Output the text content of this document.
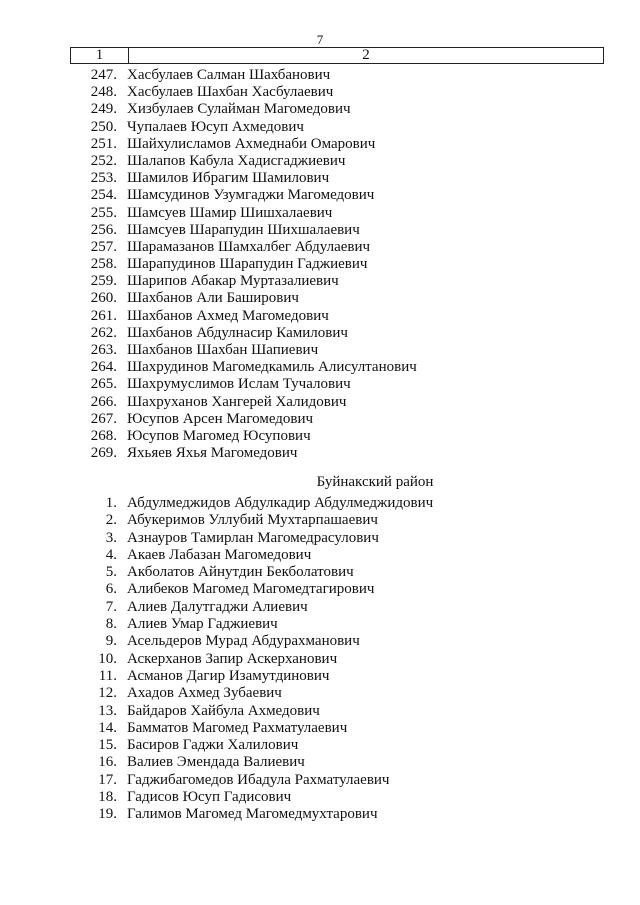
7
1	2
247. Хасбулаев Салман Шахбанович
248. Хасбулаев Шахбан Хасбулаевич
249. Хизбулаев Сулайман Магомедович
250. Чупалаев Юсуп Ахмедович
251. Шайхулисламов Ахмеднаби Омарович
252. Шалапов Кабула Хадисгаджиевич
253. Шамилов Ибрагим Шамилович
254. Шамсудинов Узумгаджи Магомедович
255. Шамсуев Шамир Шишхалаевич
256. Шамсуев Шарапудин Шихшалаевич
257. Шарамазанов Шамхалбег Абдулаевич
258. Шарапудинов Шарапудин Гаджиевич
259. Шарипов Абакар Муртазалиевич
260. Шахбанов Али Баширович
261. Шахбанов Ахмед Магомедович
262. Шахбанов Абдулнасир Камилович
263. Шахбанов Шахбан Шапиевич
264. Шахрудинов Магомедкамиль Алисултанович
265. Шахрумуслимов Ислам Тучалович
266. Шахруханов Хангерей Халидович
267. Юсупов Арсен Магомедович
268. Юсупов Магомед Юсупович
269. Яхьяев Яхья Магомедович
Буйнакский район
1. Абдулмеджидов Абдулкадир Абдулмеджидович
2. Абукеримов Уллубий Мухтарпашаевич
3. Азнауров Тамирлан Магомедрасулович
4. Акаев Лабазан Магомедович
5. Акболатов Айнутдин Бекболатович
6. Алибеков Магомед Магомедтагирович
7. Алиев Далутгаджи Алиевич
8. Алиев Умар Гаджиевич
9. Асельдеров Мурад Абдурахманович
10. Аскерханов Запир Аскерханович
11. Асманов Дагир Изамутдинович
12. Ахадов Ахмед Зубаевич
13. Байдаров Хайбула Ахмедович
14. Бамматов Магомед Рахматулаевич
15. Басиров Гаджи Халилович
16. Валиев Эмендада Валиевич
17. Гаджибагомедов Ибадула Рахматулаевич
18. Гадисов Юсуп Гадисович
19. Галимов Магомед Магомедмухтарович
